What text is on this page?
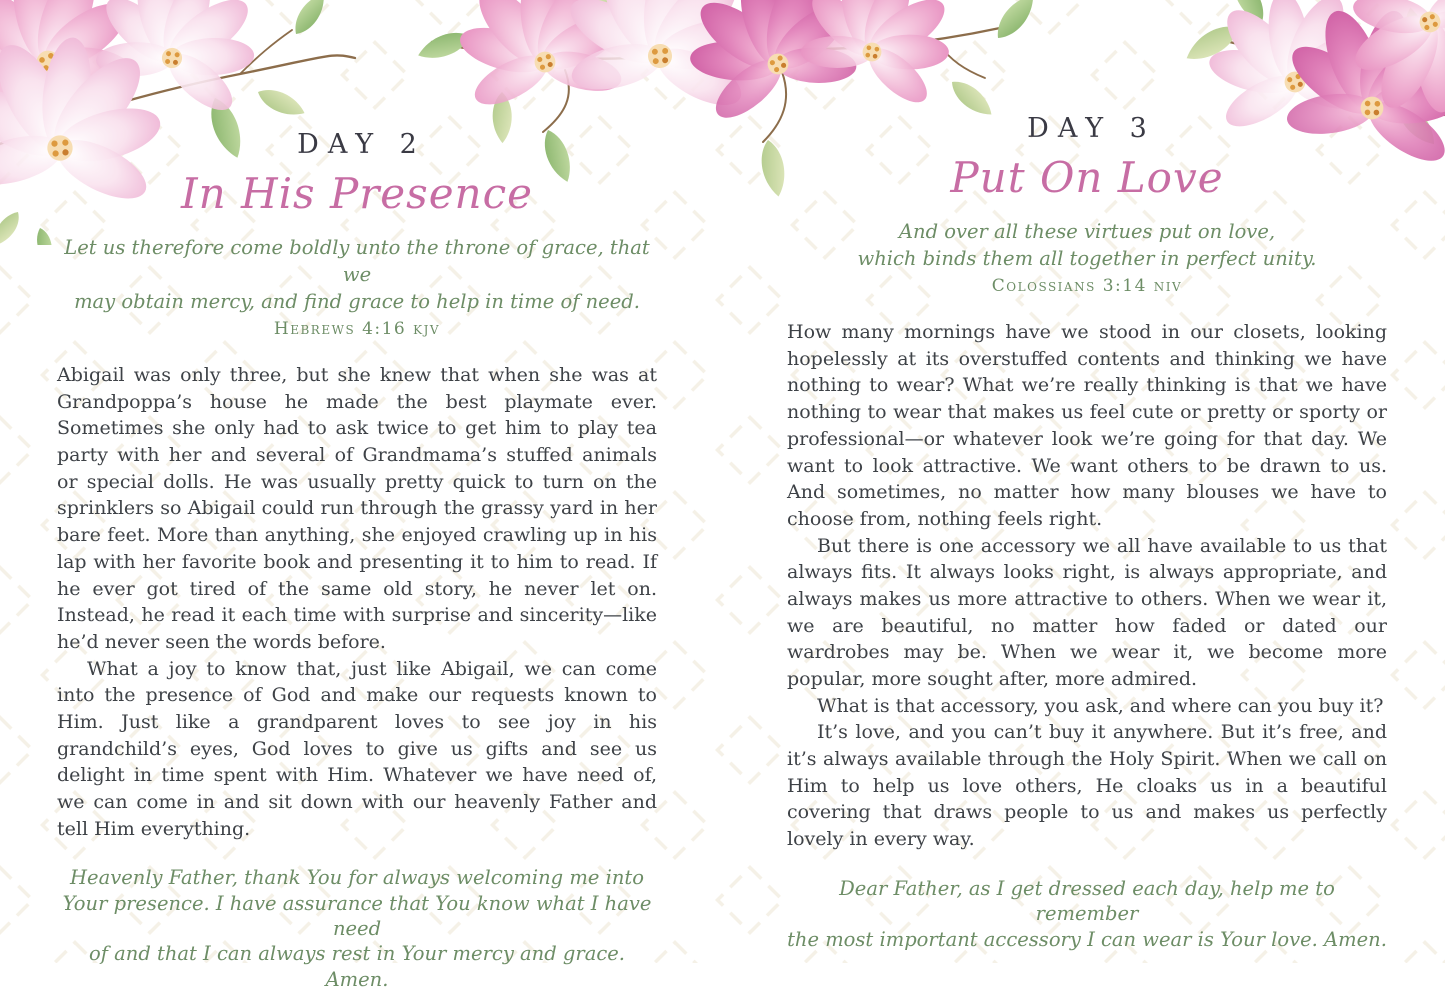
DAY 2
In His Presence
Let us therefore come boldly unto the throne of grace, that we
may obtain mercy, and find grace to help in time of need.
Hebrews 4:16 kjv

Abigail was only three, but she knew that when she was at Grandpoppa’s house he made the best playmate ever. Sometimes she only had to ask twice to get him to play tea party with her and several of Grandmama’s stuffed animals or special dolls. He was usually pretty quick to turn on the sprinklers so Abigail could run through the grassy yard in her bare feet. More than anything, she enjoyed crawling up in his lap with her favorite book and presenting it to him to read. If he ever got tired of the same old story, he never let on. Instead, he read it each time with surprise and sincerity—like he’d never seen the words before.

What a joy to know that, just like Abigail, we can come into the presence of God and make our requests known to Him. Just like a grandparent loves to see joy in his grandchild’s eyes, God loves to give us gifts and see us delight in time spent with Him. Whatever we have need of, we can come in and sit down with our heavenly Father and tell Him everything.

Heavenly Father, thank You for always welcoming me into
Your presence. I have assurance that You know what I have need
of and that I can always rest in Your mercy and grace. Amen.
DAY 3
Put On Love
And over all these virtues put on love,
which binds them all together in perfect unity.
Colossians 3:14 niv

How many mornings have we stood in our closets, looking hopelessly at its overstuffed contents and thinking we have nothing to wear? What we’re really thinking is that we have nothing to wear that makes us feel cute or pretty or sporty or professional—or whatever look we’re going for that day. We want to look attractive. We want others to be drawn to us. And sometimes, no matter how many blouses we have to choose from, nothing feels right.

But there is one accessory we all have available to us that always fits. It always looks right, is always appropriate, and always makes us more attractive to others. When we wear it, we are beautiful, no matter how faded or dated our wardrobes may be. When we wear it, we become more popular, more sought after, more admired.

What is that accessory, you ask, and where can you buy it?

It’s love, and you can’t buy it anywhere. But it’s free, and it’s always available through the Holy Spirit. When we call on Him to help us love others, He cloaks us in a beautiful covering that draws people to us and makes us perfectly lovely in every way.

Dear Father, as I get dressed each day, help me to remember
the most important accessory I can wear is Your love. Amen.
